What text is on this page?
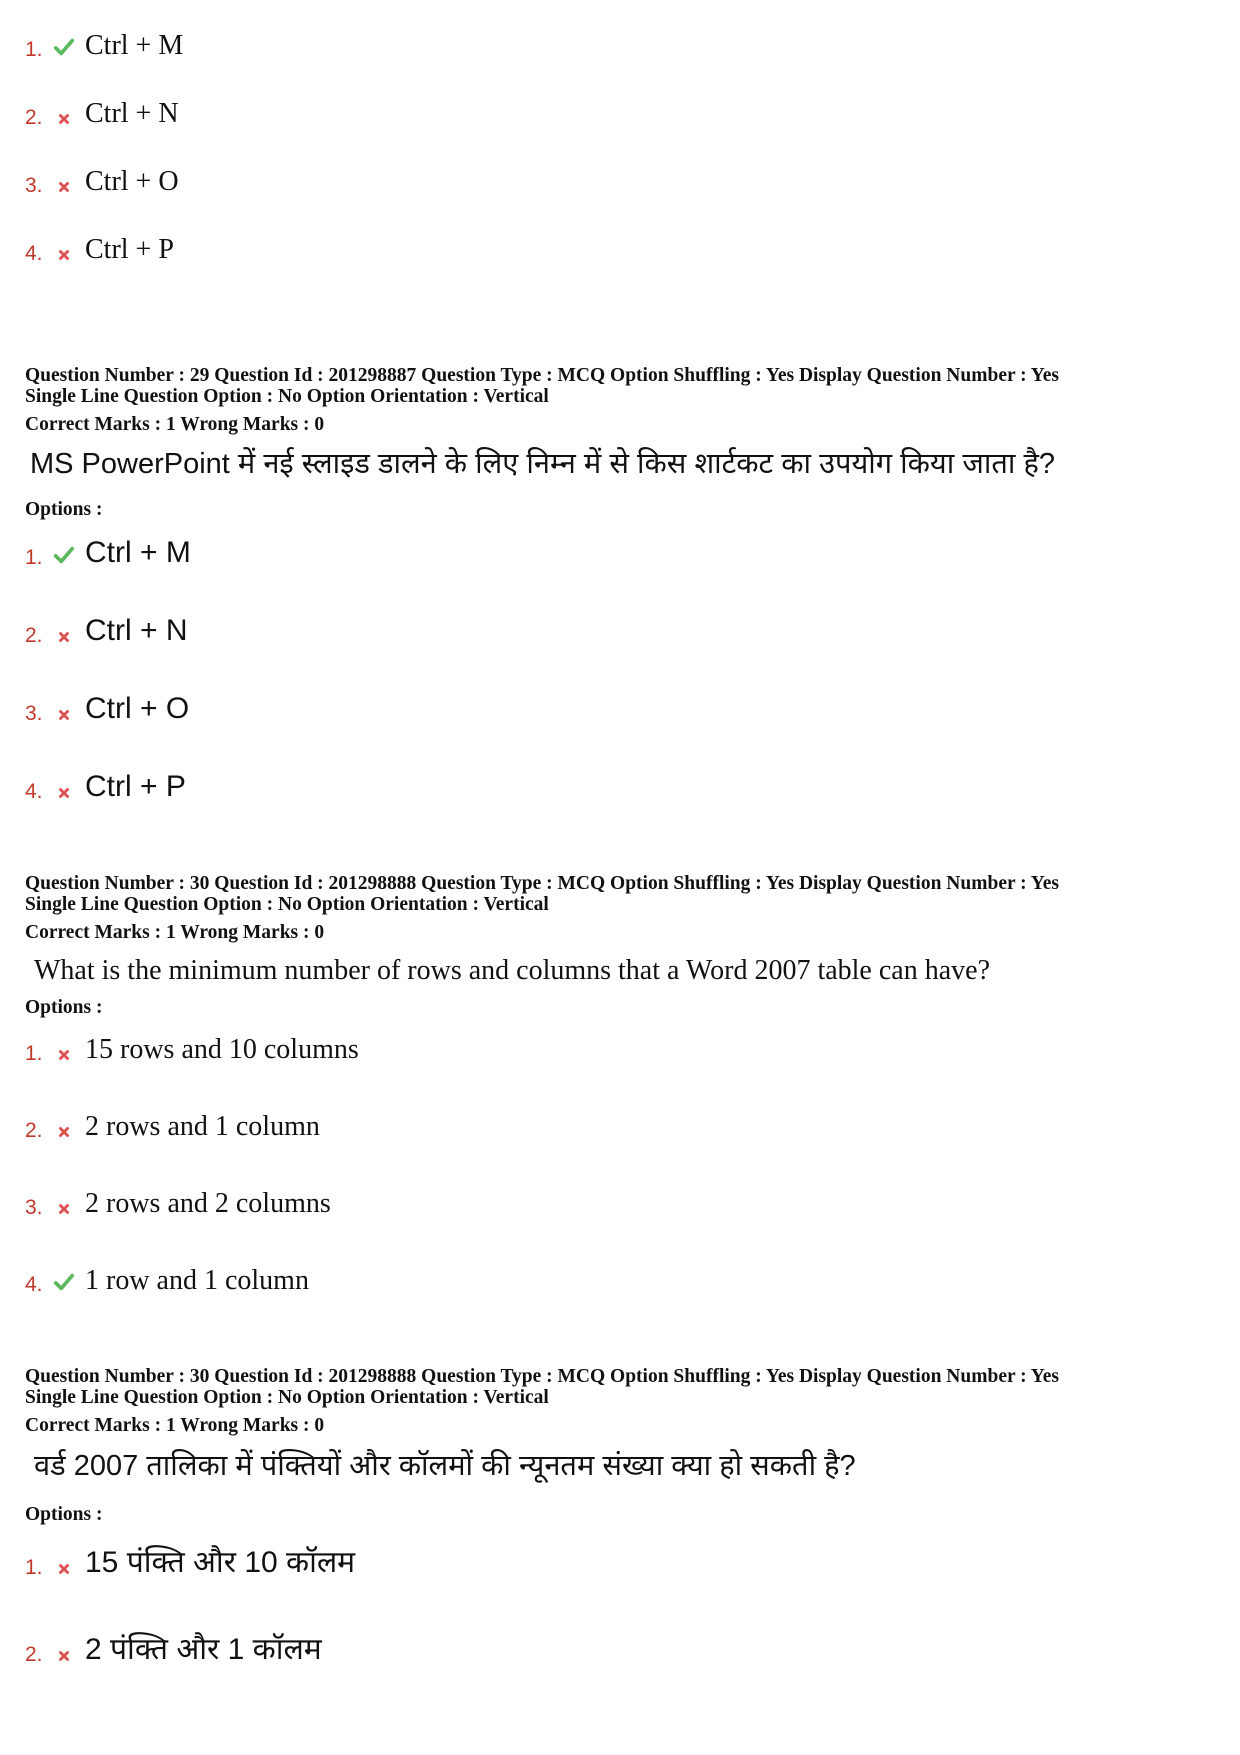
1. Ctrl + M
2. Ctrl + N
3. Ctrl + O
4. Ctrl + P
Question Number : 29 Question Id : 201298887 Question Type : MCQ Option Shuffling : Yes Display Question Number : Yes
Single Line Question Option : No Option Orientation : Vertical
Correct Marks : 1 Wrong Marks : 0
MS PowerPoint में नई स्लाइड डालने के लिए निम्न में से किस शार्टकट का उपयोग किया जाता है?
Options :
1. Ctrl + M
2. Ctrl + N
3. Ctrl + O
4. Ctrl + P
Question Number : 30 Question Id : 201298888 Question Type : MCQ Option Shuffling : Yes Display Question Number : Yes
Single Line Question Option : No Option Orientation : Vertical
Correct Marks : 1 Wrong Marks : 0
What is the minimum number of rows and columns that a Word 2007 table can have?
Options :
1. 15 rows and 10 columns
2. 2 rows and 1 column
3. 2 rows and 2 columns
4. 1 row and 1 column
Question Number : 30 Question Id : 201298888 Question Type : MCQ Option Shuffling : Yes Display Question Number : Yes
Single Line Question Option : No Option Orientation : Vertical
Correct Marks : 1 Wrong Marks : 0
वर्ड 2007 तालिका में पंक्तियों और कॉलमों की न्यूनतम संख्या क्या हो सकती है?
Options :
1. 15 पंक्ति और 10 कॉलम
2. 2 पंक्ति और 1 कॉलम
